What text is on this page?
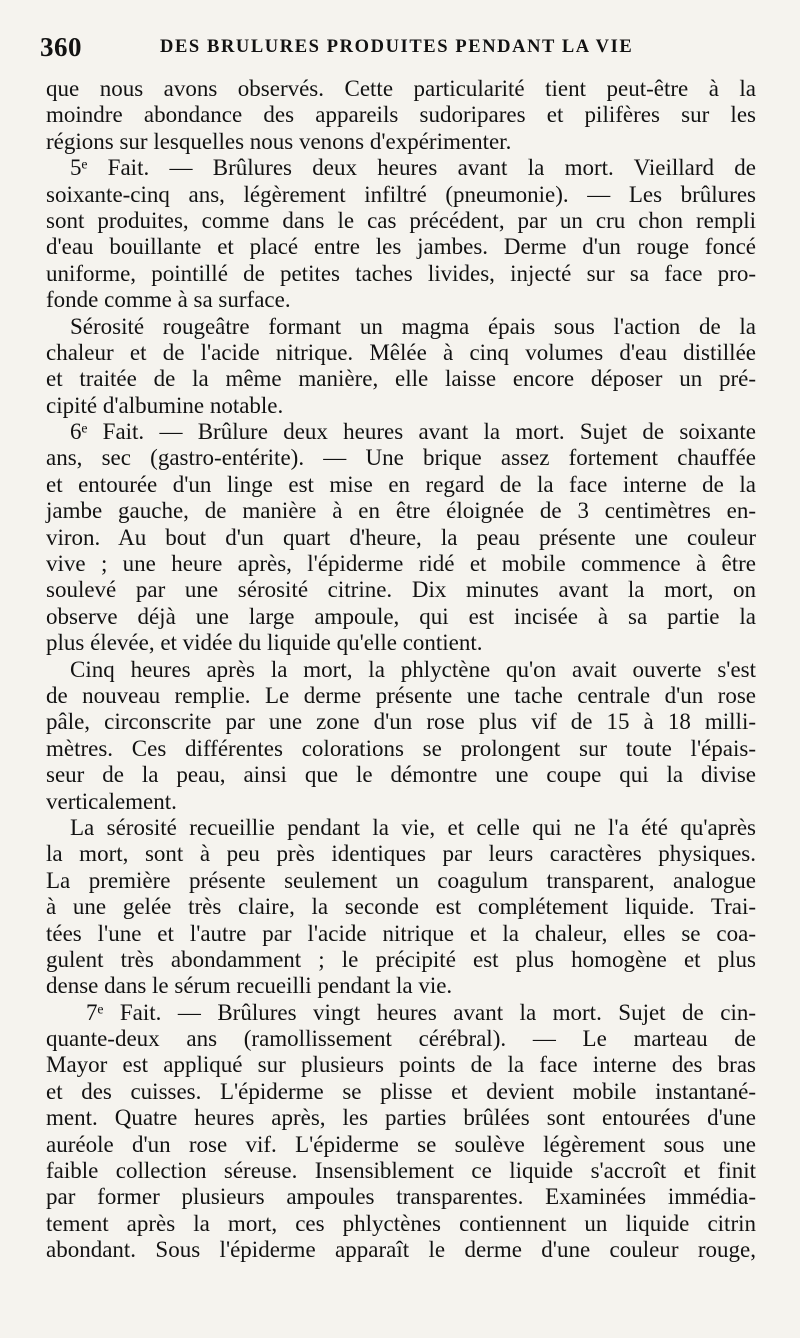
360	DES BRULURES PRODUITES PENDANT LA VIE
que nous avons observés. Cette particularité tient peut-être à la
moindre abondance des appareils sudoripares et pilifères sur les
régions sur lesquelles nous venons d'expérimenter.
5ᵉ Fait. — Brûlures deux heures avant la mort. Vieillard de
soixante-cinq ans, légèrement infiltré (pneumonie). — Les brûlures
sont produites, comme dans le cas précédent, par un cru chon rempli
d'eau bouillante et placé entre les jambes. Derme d'un rouge foncé
uniforme, pointillé de petites taches livides, injecté sur sa face pro-
fonde comme à sa surface.
Sérosité rougeâtre formant un magma épais sous l'action de la
chaleur et de l'acide nitrique. Mêlée à cinq volumes d'eau distillée
et traitée de la même manière, elle laisse encore déposer un pré-
cipité d'albumine notable.
6ᵉ Fait. — Brûlure deux heures avant la mort. Sujet de soixante
ans, sec (gastro-entérite). — Une brique assez fortement chauffée
et entourée d'un linge est mise en regard de la face interne de la
jambe gauche, de manière à en être éloignée de 3 centimètres en-
viron. Au bout d'un quart d'heure, la peau présente une couleur
vive ; une heure après, l'épiderme ridé et mobile commence à être
soulevé par une sérosité citrine. Dix minutes avant la mort, on
observe déjà une large ampoule, qui est incisée à sa partie la
plus élevée, et vidée du liquide qu'elle contient.
Cinq heures après la mort, la phlyctène qu'on avait ouverte s'est
de nouveau remplie. Le derme présente une tache centrale d'un rose
pâle, circonscrite par une zone d'un rose plus vif de 15 à 18 milli-
mètres. Ces différentes colorations se prolongent sur toute l'épais-
seur de la peau, ainsi que le démontre une coupe qui la divise
verticalement.
La sérosité recueillie pendant la vie, et celle qui ne l'a été qu'après
la mort, sont à peu près identiques par leurs caractères physiques.
La première présente seulement un coagulum transparent, analogue
à une gelée très claire, la seconde est complétement liquide. Trai-
tées l'une et l'autre par l'acide nitrique et la chaleur, elles se coa-
gulent très abondamment ; le précipité est plus homogène et plus
dense dans le sérum recueilli pendant la vie.
7ᵉ Fait. — Brûlures vingt heures avant la mort. Sujet de cin-
quante-deux ans (ramollissement cérébral). — Le marteau de
Mayor est appliqué sur plusieurs points de la face interne des bras
et des cuisses. L'épiderme se plisse et devient mobile instantané-
ment. Quatre heures après, les parties brûlées sont entourées d'une
auréole d'un rose vif. L'épiderme se soulève légèrement sous une
faible collection séreuse. Insensiblement ce liquide s'accroît et finit
par former plusieurs ampoules transparentes. Examinées immédia-
tement après la mort, ces phlyctènes contiennent un liquide citrin
abondant. Sous l'épiderme apparaît le derme d'une couleur rouge,
